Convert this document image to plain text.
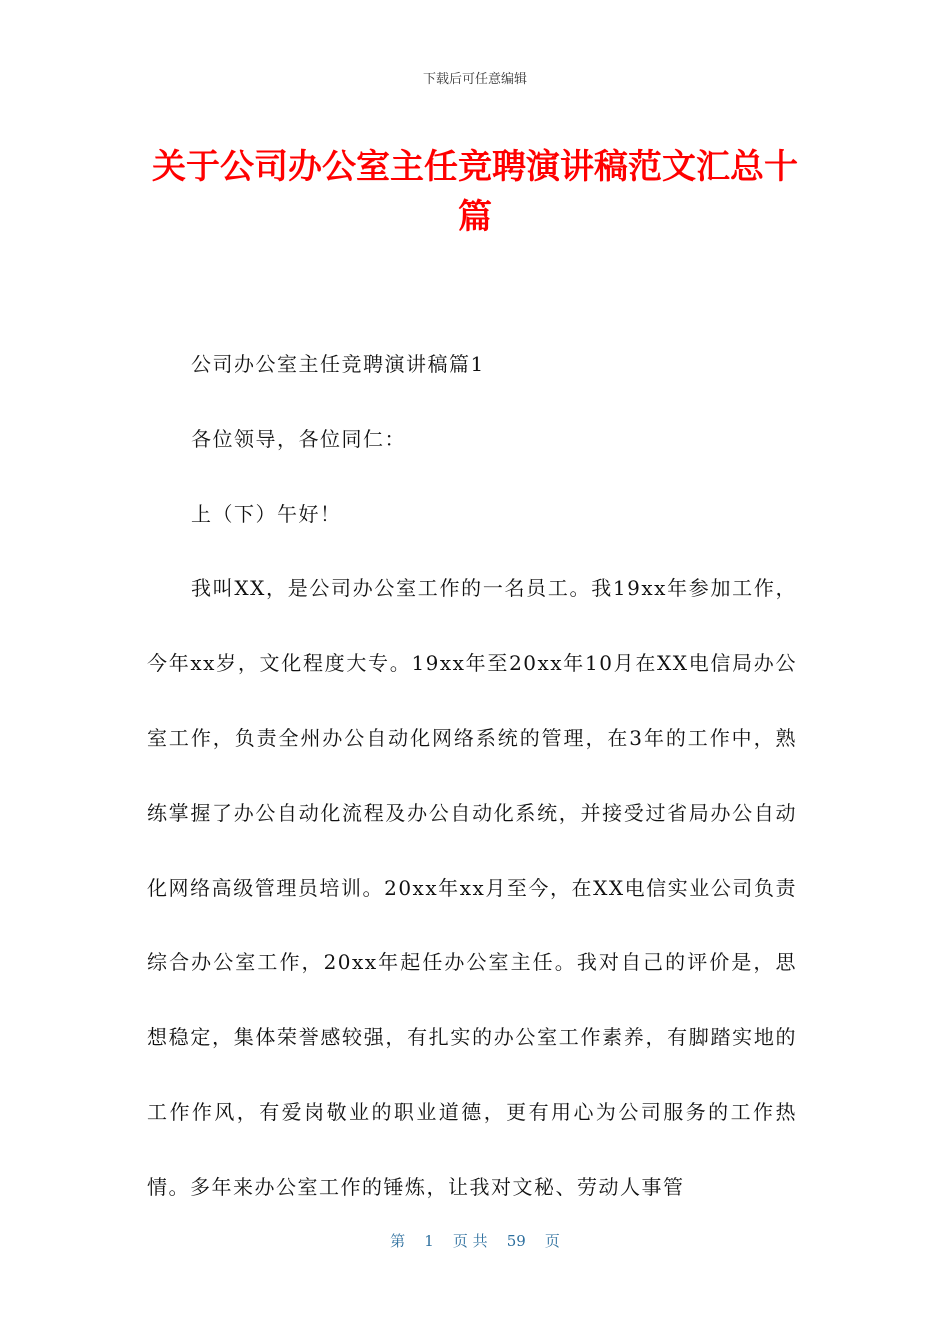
下载后可任意编辑
关于公司办公室主任竞聘演讲稿范文汇总十篇

公司办公室主任竞聘演讲稿篇1

各位领导，各位同仁：

上（下）午好！

我叫XX，是公司办公室工作的一名员工。我19xx年参加工作，今年xx岁，文化程度大专。19xx年至20xx年10月在XX电信局办公室工作，负责全州办公自动化网络系统的管理，在3年的工作中，熟练掌握了办公自动化流程及办公自动化系统，并接受过省局办公自动化网络高级管理员培训。20xx年xx月至今，在XX电信实业公司负责综合办公室工作，20xx年起任办公室主任。我对自己的评价是，思想稳定，集体荣誉感较强，有扎实的办公室工作素养，有脚踏实地的工作作风，有爱岗敬业的职业道德，更有用心为公司服务的工作热情。多年来办公室工作的锤炼，让我对文秘、劳动人事管

第 1 页 共 59 页
